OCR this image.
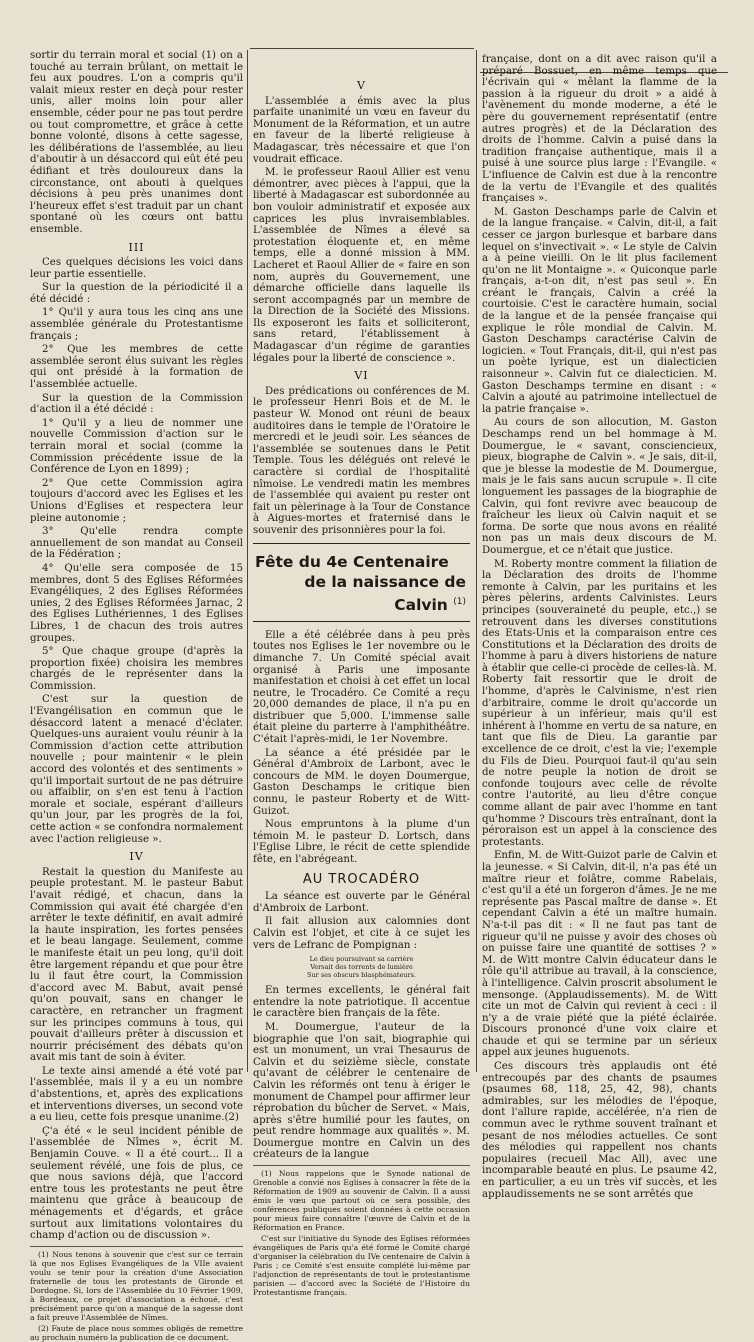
sortir du terrain moral et social (1) on a touché au terrain brûlant, on mettait le feu aux poudres. L'on a compris qu'il valait mieux rester en deçà pour rester unis, aller moins loin pour aller ensemble, céder pour ne pas tout perdre ou tout compromettre, et grâce à cette bonne volonté, disons à cette sagesse, les délibérations de l'assemblée, au lieu d'aboutir à un désaccord qui eût été peu édifiant et très douloureux dans la circonstance, ont abouti à quelques décisions à peu près unanimes dont l'heureux effet s'est traduit par un chant spontané où les cœurs ont battu ensemble.

III

Ces quelques décisions les voici dans leur partie essentielle.

Sur la question de la périodicité il a été décidé :

1° Qu'il y aura tous les cinq ans une assemblée générale du Protestantisme français ;

2° Que les membres de cette assemblée seront élus suivant les règles qui ont présidé à la formation de l'assemblée actuelle.

Sur la question de la Commission d'action il a été décidé :

1° Qu'il y a lieu de nommer une nouvelle Commission d'action sur le terrain moral et social (comme la Commission précédente issue de la Conférence de Lyon en 1899) ;

2° Que cette Commission agira toujours d'accord avec les Eglises et les Unions d'Eglises et respectera leur pleine autonomie ;

3° Qu'elle rendra compte annuellement de son mandat au Conseil de la Fédération ;

4° Qu'elle sera composée de 15 membres, dont 5 des Eglises Réformées Evangéliques, 2 des Eglises Réformées unies, 2 des Eglises Réformées Jarnac, 2 des Eglises Luthériennes, 1 des Eglises Libres, 1 de chacun des trois autres groupes.

5° Que chaque groupe (d'après la proportion fixée) choisira les membres chargés de le représenter dans la Commission.

C'est sur la question de l'Evangélisation en commun que le désaccord latent a menacé d'éclater. Quelques-uns auraient voulu réunir à la Commission d'action cette attribution nouvelle ; pour maintenir « le plein accord des volontés et des sentiments » qu'il importait surtout de ne pas détruire ou affaiblir, on s'en est tenu à l'action morale et sociale, espérant d'ailleurs qu'un jour, par les progrès de la foi, cette action « se confondra normalement avec l'action religieuse ».

IV

Restait la question du Manifeste au peuple protestant. M. le pasteur Babut l'avait rédigé, et chacun, dans la Commission qui avait été chargée d'en arrêter le texte définitif, en avait admiré la haute inspiration, les fortes pensées et le beau langage. Seulement, comme le manifeste était un peu long, qu'il doit être largement répandu et que pour être lu il faut être court, la Commission d'accord avec M. Babut, avait pensé qu'on pouvait, sans en changer le caractère, en retrancher un fragment sur les principes communs à tous, qui pouvait d'ailleurs prêter à discussion et nourrir précisément des débats qu'on avait mis tant de soin à éviter.

Le texte ainsi amendé a été voté par l'assemblée, mais il y a eu un nombre d'abstentions, et, après des explications et interventions diverses, un second vote a eu lieu, cette fois presque unanime.(2)

Ç'a été « le seul incident pénible de l'assemblée de Nîmes », écrit M. Benjamin Couve. « Il a été court... Il a seulement révélé, une fois de plus, ce que nous savions déjà, que l'accord entre tous les protestants ne peut être maintenu que grâce à beaucoup de ménagements et d'égards, et grâce surtout aux limitations volontaires du champ d'action ou de discussion ».

(1) Nous tenons à souvenir que c'est sur ce terrain là que nos Eglises Evangéliques de la VIIe avaient voulu se tenir pour la création d'une Association fraternelle de tous les protestants de Gironde et Dordogne. Si, lors de l'Assemblée du 10 Février 1909, à Bordeaux, ce projet d'association a échoué, c'est précisément parce qu'on a manqué de la sagesse dont a fait preuve l'Assemblée de Nîmes.

(2) Faute de place nous sommes obligés de remettre au prochain numéro la publication de ce document.

V

L'assemblée a émis avec la plus parfaite unanimité un vœu en faveur du Monument de la Réformation, et un autre en faveur de la liberté religieuse à Madagascar, très nécessaire et que l'on voudrait efficace.

M. le professeur Raoul Allier est venu démontrer, avec pièces à l'appui, que la liberté à Madagascar est subordonnée au bon vouloir administratif et exposée aux caprices les plus invraisemblables. L'assemblée de Nîmes a élevé sa protestation éloquente et, en même temps, elle a donné mission à MM. Lacheret et Raoul Allier de « faire en son nom, auprès du Gouvernement, une démarche officielle dans laquelle ils seront accompagnés par un membre de la Direction de la Société des Missions. Ils exposeront les faits et solliciteront, sans retard, l'établissement à Madagascar d'un régime de garanties légales pour la liberté de conscience ».

VI

Des prédications ou conférences de M. le professeur Henri Bois et de M. le pasteur W. Monod ont réuni de beaux auditoires dans le temple de l'Oratoire le mercredi et le jeudi soir. Les séances de l'assemblée se soutenues dans le Petit Temple. Tous les délégués ont relevé le caractère si cordial de l'hospitalité nîmoise. Le vendredi matin les membres de l'assemblée qui avaient pu rester ont fait un pèlerinage à la Tour de Constance à Aigues-mortes et fraternisé dans le souvenir des prisonnières pour la foi.

Fête du 4e Centenaire
de la naissance de Calvin $^{(1)}$

Elle a été célébrée dans à peu près toutes nos Eglises le 1er novembre ou le dimanche 7. Un Comité spécial avait organisé à Paris une imposante manifestation et choisi à cet effet un local neutre, le Trocadéro. Ce Comité a reçu 20,000 demandes de place, il n'a pu en distribuer que 5,000. L'immense salle était pleine du parterre à l'amphithéâtre. C'était l'après-midi, le 1er Novembre.

La séance a été présidée par le Général d'Ambroix de Larbont, avec le concours de MM. le doyen Doumergue, Gaston Deschamps le critique bien connu, le pasteur Roberty et de Witt-Guizot.

Nous empruntons à la plume d'un témoin M. le pasteur D. Lortsch, dans l'Eglise Libre, le récit de cette splendide fête, en l'abrégeant.

AU TROCADÉRO

La séance est ouverte par le Général d'Ambroix de Larbont.

Il fait allusion aux calomnies dont Calvin est l'objet, et cite à ce sujet les vers de Lefranc de Pompignan :

Le dieu poursuivant sa carrière
Versait des torrents de lumière
Sur ses obscurs blasphémateurs.

En termes excellents, le général fait entendre la note patriotique. Il accentue le caractère bien français de la fête.

M. Doumergue, l'auteur de la biographie que l'on sait, biographie qui est un monument, un vrai Thesaurus de Calvin et du seizième siècle, constate qu'avant de célébrer le centenaire de Calvin les réformés ont tenu à ériger le monument de Champel pour affirmer leur réprobation du bûcher de Servet. « Mais, après s'être humilié pour les fautes, on peut rendre hommage aux qualités ». M. Doumergue montre en Calvin un des créateurs de la langue

(1) Nous rappelons que le Synode national de Grenoble a convié nos Eglises à consacrer la fête de la Réformation de 1909 au souvenir de Calvin. Il a aussi émis le vœu que partout où ce sera possible, des conférences publiques soient données à cette occasion pour mieux faire connaître l'œuvre de Calvin et de la Réformation en France.

C'est sur l'initiative du Synode des Eglises réformées évangéliques de Paris qu'a été formé le Comité chargé d'organiser la célébration du IVe centenaire de Calvin à Paris ; ce Comité s'est ensuite complété lui-même par l'adjonction de représentants de tout le protestantisme parisien — d'accord avec la Société de l'Histoire du Protestantisme français.

française, dont on a dit avec raison qu'il a préparé Bossuet, en même temps que l'écrivain qui « mêlant la flamme de la passion à la rigueur du droit » a aidé à l'avènement du monde moderne, a été le père du gouvernement représentatif (entre autres progrès) et de la Déclaration des droits de l'homme. Calvin a puisé dans la tradition française authentique, mais il a puisé à une source plus large : l'Evangile. « L'influence de Calvin est due à la rencontre de la vertu de l'Evangile et des qualités françaises ».

M. Gaston Deschamps parle de Calvin et de la langue française. « Calvin, dit-il, a fait cesser ce jargon burlesque et barbare dans lequel on s'invectivait ». « Le style de Calvin a à peine vieilli. On le lit plus facilement qu'on ne lit Montaigne ». « Quiconque parle français, a-t-on dit, n'est pas seul ». En créant le français, Calvin a créé la courtoisie. C'est le caractère humain, social de la langue et de la pensée française qui explique le rôle mondial de Calvin. M. Gaston Deschamps caractérise Calvin de logicien. « Tout Français, dit-il, qui n'est pas un poète lyrique, est un dialecticien raisonneur ». Calvin fut ce dialecticien. M. Gaston Deschamps termine en disant : « Calvin a ajouté au patrimoine intellectuel de la patrie française ».

Au cours de son allocution, M. Gaston Deschamps rend un bel hommage à M. Doumergue, le « savant, consciencieux, pieux, biographe de Calvin ». « Je sais, dit-il, que je blesse la modestie de M. Doumergue, mais je le fais sans aucun scrupule ». Il cite longuement les passages de la biographie de Calvin, qui font revivre avec beaucoup de fraîcheur les lieux où Calvin naquit et se forma. De sorte que nous avons en réalité non pas un mais deux discours de M. Doumergue, et ce n'était que justice.

M. Roberty montre comment la filiation de la Déclaration des droits de l'homme remonte à Calvin, par les puritains et les pères pèlerins, ardents Calvinistes. Leurs principes (souveraineté du peuple, etc.,) se retrouvent dans les diverses constitutions des Etats-Unis et la comparaison entre ces Constitutions et la Déclaration des droits de l'homme à paru à divers historiens de nature à établir que celle-ci procède de celles-là. M. Roberty fait ressortir que le droit de l'homme, d'après le Calvinisme, n'est rien d'arbitraire, comme le droit qu'accorde un supérieur à un inférieur, mais qu'il est inhérent à l'homme en vertu de sa nature, en tant que fils de Dieu. La garantie par excellence de ce droit, c'est la vie; l'exemple du Fils de Dieu. Pourquoi faut-il qu'au sein de notre peuple la notion de droit se confonde toujours avec celle de révolte contre l'autorité, au lieu d'être conçue comme allant de pair avec l'homme en tant qu'homme ? Discours très entraînant, dont la péroraison est un appel à la conscience des protestants.

Enfin, M. de Witt-Guizot parle de Calvin et la jeunesse. « Si Calvin, dit-il, n'a pas été un maître rieur et folâtre, comme Rabelais, c'est qu'il a été un forgeron d'âmes. Je ne me représente pas Pascal maître de danse ». Et cependant Calvin a été un maître humain. N'a-t-il pas dit : « Il ne faut pas tant de rigueur qu'il ne puisse y avoir des choses où on puisse faire une quantité de sottises ? » M. de Witt montre Calvin éducateur dans le rôle qu'il attribue au travail, à la conscience, à l'intelligence. Calvin proscrit absolument le mensonge. (Applaudissements). M. de Witt cite un mot de Calvin qui revient à ceci : il n'y a de vraie piété que la piété éclairée. Discours prononcé d'une voix claire et chaude et qui se termine par un sérieux appel aux jeunes huguenots.

Ces discours très applaudis ont été entrecoupés par des chants de psaumes (psaumes 68, 118, 25, 42, 98), chants admirables, sur les mélodies de l'époque, dont l'allure rapide, accélérée, n'a rien de commun avec le rythme souvent traînant et pesant de nos mélodies actuelles. Ce sont des mélodies qui rappellent nos chants populaires (recueil Mac All), avec une incomparable beauté en plus. Le psaume 42, en particulier, a eu un très vif succès, et les applaudissements ne se sont arrêtés que
